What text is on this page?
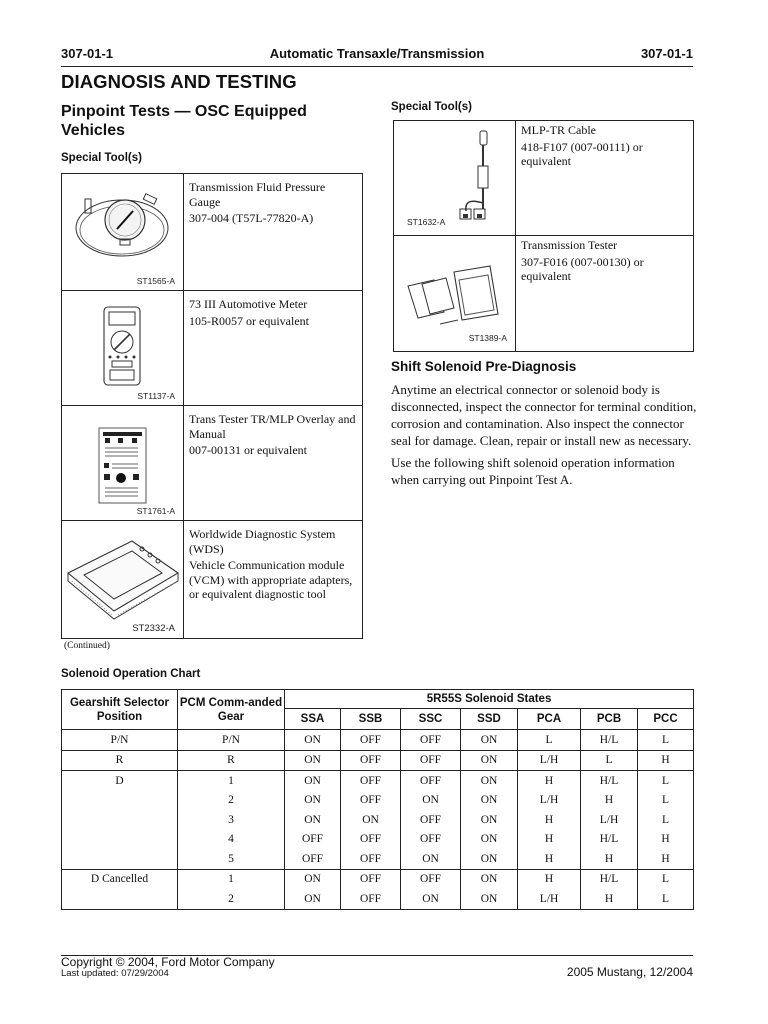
307-01-1	Automatic Transaxle/Transmission	307-01-1
DIAGNOSIS AND TESTING
Pinpoint Tests — OSC Equipped Vehicles
Special Tool(s)
ST1565-A	Transmission Fluid Pressure Gauge

307-004 (T57L-77820-A)

ST1137-A	73 III Automotive Meter

105-R0057 or equivalent

ST1761-A	Trans Tester TR/MLP Overlay and Manual

007-00131 or equivalent

ST2332-A	Worldwide Diagnostic System (WDS)

Vehicle Communication module (VCM) with appropriate adapters, or equivalent diagnostic tool

(Continued)
Special Tool(s)
ST1632-A	MLP-TR Cable

418-F107 (007-00111) or equivalent

ST1389-A	Transmission Tester

307-F016 (007-00130) or equivalent

Shift Solenoid Pre-Diagnosis

Anytime an electrical connector or solenoid body is disconnected, inspect the connector for terminal condition, corrosion and contamination. Also inspect the connector seal for damage. Clean, repair or install new as necessary.

Use the following shift solenoid operation information when carrying out Pinpoint Test A.

Solenoid Operation Chart
Gearshift Selector Position	PCM Comm-anded Gear	5R55S Solenoid States						
		SSA	SSB	SSC	SSD	PCA	PCB	PCC
P/N	P/N	ON	OFF	OFF	ON	L	H/L	L
R	R	ON	OFF	OFF	ON	L/H	L	H
D	1	ON	OFF	OFF	ON	H	H/L	L
	2	ON	OFF	ON	ON	L/H	H	L
	3	ON	ON	OFF	ON	H	L/H	L
	4	OFF	OFF	OFF	ON	H	H/L	H
	5	OFF	OFF	ON	ON	H	H	H
D Cancelled	1	ON	OFF	OFF	ON	H	H/L	L
	2	ON	OFF	ON	ON	L/H	H	L
Copyright © 2004, Ford Motor Company
Last updated: 07/29/2004	2005 Mustang, 12/2004
